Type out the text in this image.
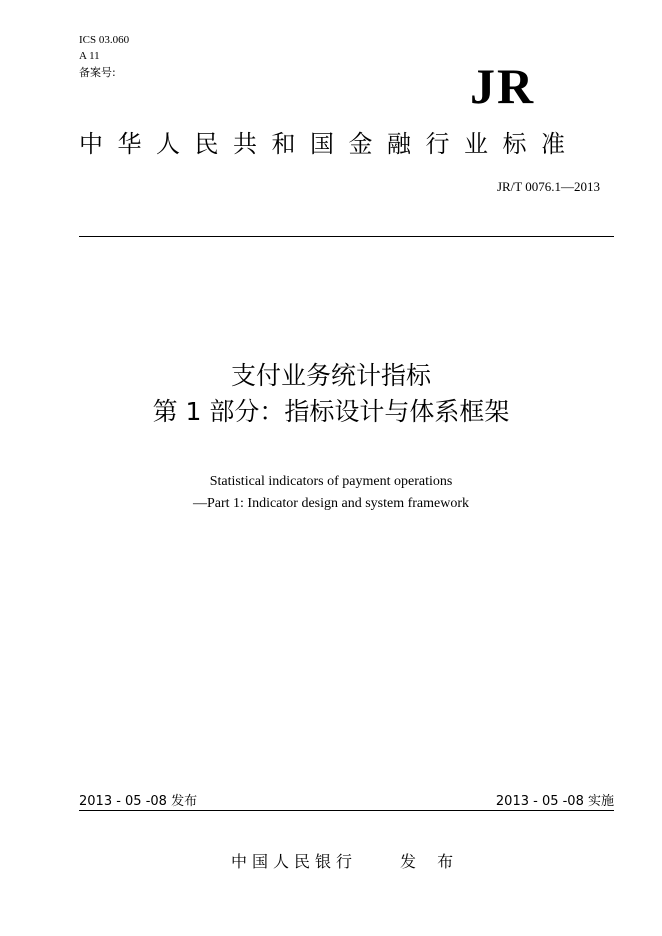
ICS 03.060
A 11
备案号:	JR
中华人民共和国金融行业标准
JR/T 0076.1—2013
支付业务统计指标
第 1 部分：指标设计与体系框架
Statistical indicators of payment operations
—Part 1: Indicator design and system framework
2013 - 05 -08 发布	2013 - 05 -08 实施
中国人民银行	发 布
